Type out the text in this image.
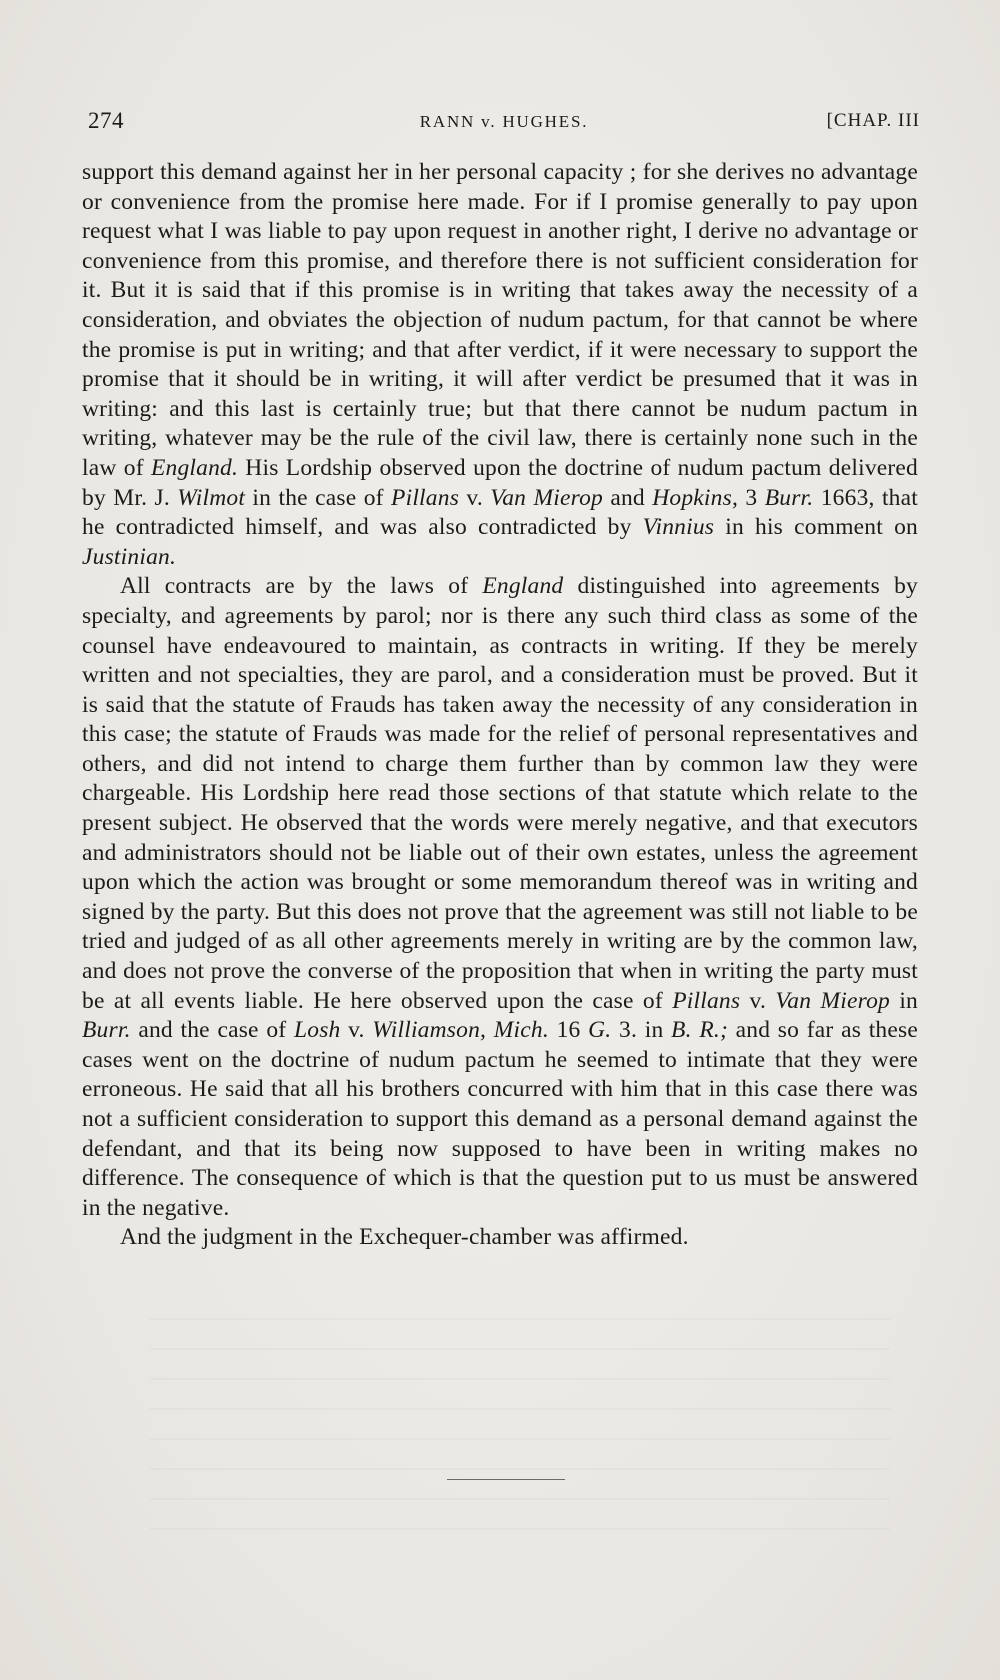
274	RANN v. HUGHES.	[CHAP. III

support this demand against her in her personal capacity ; for she derives no advantage or convenience from the promise here made. For if I promise generally to pay upon request what I was liable to pay upon request in another right, I derive no advantage or convenience from this promise, and therefore there is not sufficient consideration for it. But it is said that if this promise is in writing that takes away the necessity of a consideration, and obviates the objection of nudum pactum, for that cannot be where the promise is put in writing; and that after verdict, if it were necessary to support the promise that it should be in writing, it will after verdict be presumed that it was in writing: and this last is certainly true; but that there cannot be nudum pactum in writing, whatever may be the rule of the civil law, there is certainly none such in the law of England. His Lordship observed upon the doctrine of nudum pactum delivered by Mr. J. Wilmot in the case of Pillans v. Van Mierop and Hopkins, 3 Burr. 1663, that he contradicted himself, and was also contradicted by Vinnius in his comment on Justinian.

All contracts are by the laws of England distinguished into agreements by specialty, and agreements by parol; nor is there any such third class as some of the counsel have endeavoured to maintain, as contracts in writing. If they be merely written and not specialties, they are parol, and a consideration must be proved. But it is said that the statute of Frauds has taken away the necessity of any consideration in this case; the statute of Frauds was made for the relief of personal representatives and others, and did not intend to charge them further than by common law they were chargeable. His Lordship here read those sections of that statute which relate to the present subject. He observed that the words were merely negative, and that executors and administrators should not be liable out of their own estates, unless the agreement upon which the action was brought or some memorandum thereof was in writing and signed by the party. But this does not prove that the agreement was still not liable to be tried and judged of as all other agreements merely in writing are by the common law, and does not prove the converse of the proposition that when in writing the party must be at all events liable. He here observed upon the case of Pillans v. Van Mierop in Burr. and the case of Losh v. Williamson, Mich. 16 G. 3. in B. R.; and so far as these cases went on the doctrine of nudum pactum he seemed to intimate that they were erroneous. He said that all his brothers concurred with him that in this case there was not a sufficient consideration to support this demand as a personal demand against the defendant, and that its being now supposed to have been in writing makes no difference. The consequence of which is that the question put to us must be answered in the negative.

And the judgment in the Exchequer-chamber was affirmed.
